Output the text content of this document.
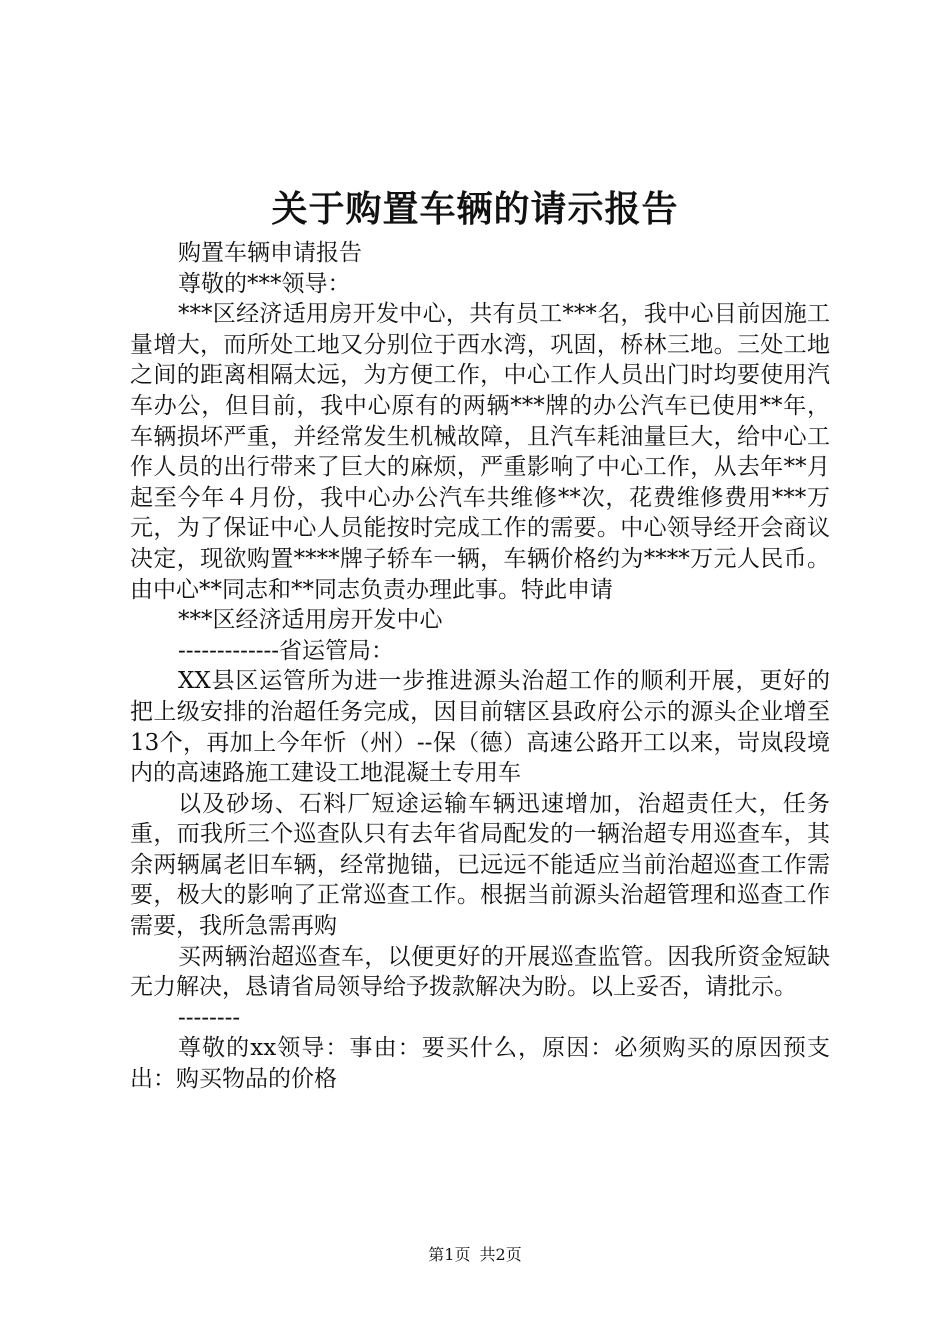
关于购置车辆的请示报告

购置车辆申请报告

尊敬的***领导：

***区经济适用房开发中心，共有员工***名，我中心目前因施工量增大，而所处工地又分别位于西水湾，巩固，桥林三地。三处工地之间的距离相隔太远，为方便工作，中心工作人员出门时均要使用汽车办公，但目前，我中心原有的两辆***牌的办公汽车已使用**年，车辆损坏严重，并经常发生机械故障，且汽车耗油量巨大，给中心工作人员的出行带来了巨大的麻烦，严重影响了中心工作，从去年**月起至今年４月份，我中心办公汽车共维修**次，花费维修费用***万元，为了保证中心人员能按时完成工作的需要。中心领导经开会商议决定，现欲购置****牌子轿车一辆，车辆价格约为****万元人民币。由中心**同志和**同志负责办理此事。特此申请

***区经济适用房开发中心

-------------省运管局：

XX县区运管所为进一步推进源头治超工作的顺利开展，更好的把上级安排的治超任务完成，因目前辖区县政府公示的源头企业增至13个，再加上今年忻（州）--保（德）高速公路开工以来，岢岚段境内的高速路施工建设工地混凝土专用车

以及砂场、石料厂短途运输车辆迅速增加，治超责任大，任务重，而我所三个巡查队只有去年省局配发的一辆治超专用巡查车，其余两辆属老旧车辆，经常抛锚，已远远不能适应当前治超巡查工作需要，极大的影响了正常巡查工作。根据当前源头治超管理和巡查工作需要，我所急需再购

买两辆治超巡查车，以便更好的开展巡查监管。因我所资金短缺无力解决，恳请省局领导给予拨款解决为盼。以上妥否，请批示。

--------

尊敬的xx领导：事由：要买什么，原因：必须购买的原因预支出：购买物品的价格

第1页 共2页
